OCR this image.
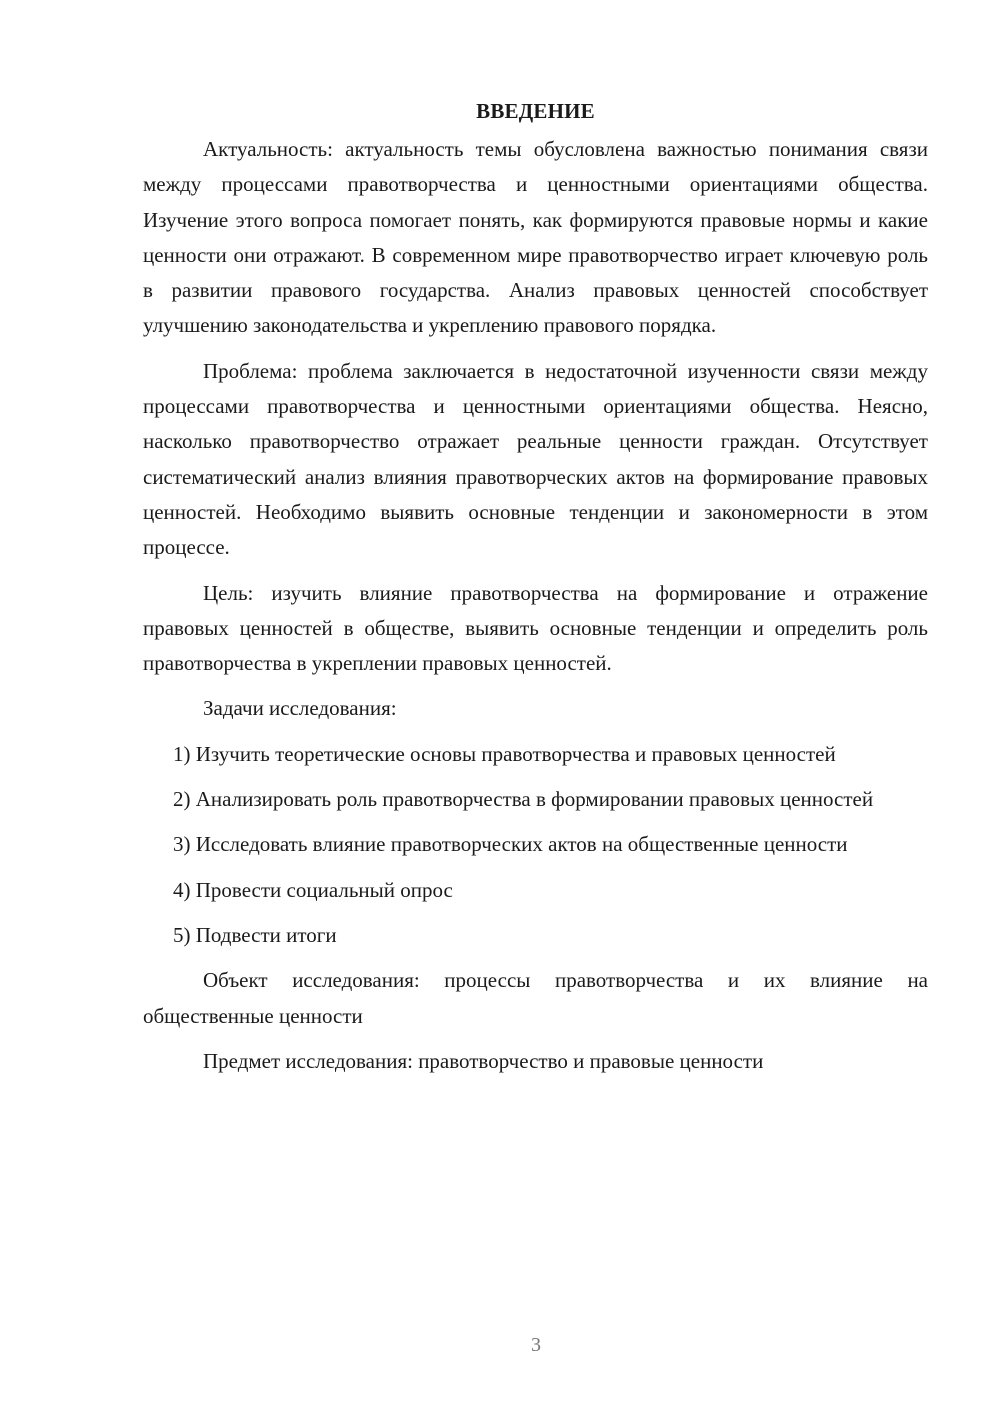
ВВЕДЕНИЕ

Актуальность: актуальность темы обусловлена важностью понимания связи между процессами правотворчества и ценностными ориентациями общества. Изучение этого вопроса помогает понять, как формируются правовые нормы и какие ценности они отражают. В современном мире правотворчество играет ключевую роль в развитии правового государства. Анализ правовых ценностей способствует улучшению законодательства и укреплению правового порядка.

Проблема: проблема заключается в недостаточной изученности связи между процессами правотворчества и ценностными ориентациями общества. Неясно, насколько правотворчество отражает реальные ценности граждан. Отсутствует систематический анализ влияния правотворческих актов на формирование правовых ценностей. Необходимо выявить основные тенденции и закономерности в этом процессе.

Цель: изучить влияние правотворчества на формирование и отражение правовых ценностей в обществе, выявить основные тенденции и определить роль правотворчества в укреплении правовых ценностей.

Задачи исследования:

1) Изучить теоретические основы правотворчества и правовых ценностей

2) Анализировать роль правотворчества в формировании правовых ценностей

3) Исследовать влияние правотворческих актов на общественные ценности

4) Провести социальный опрос

5) Подвести итоги

Объект исследования: процессы правотворчества и их влияние на общественные ценности

Предмет исследования: правотворчество и правовые ценности

3
